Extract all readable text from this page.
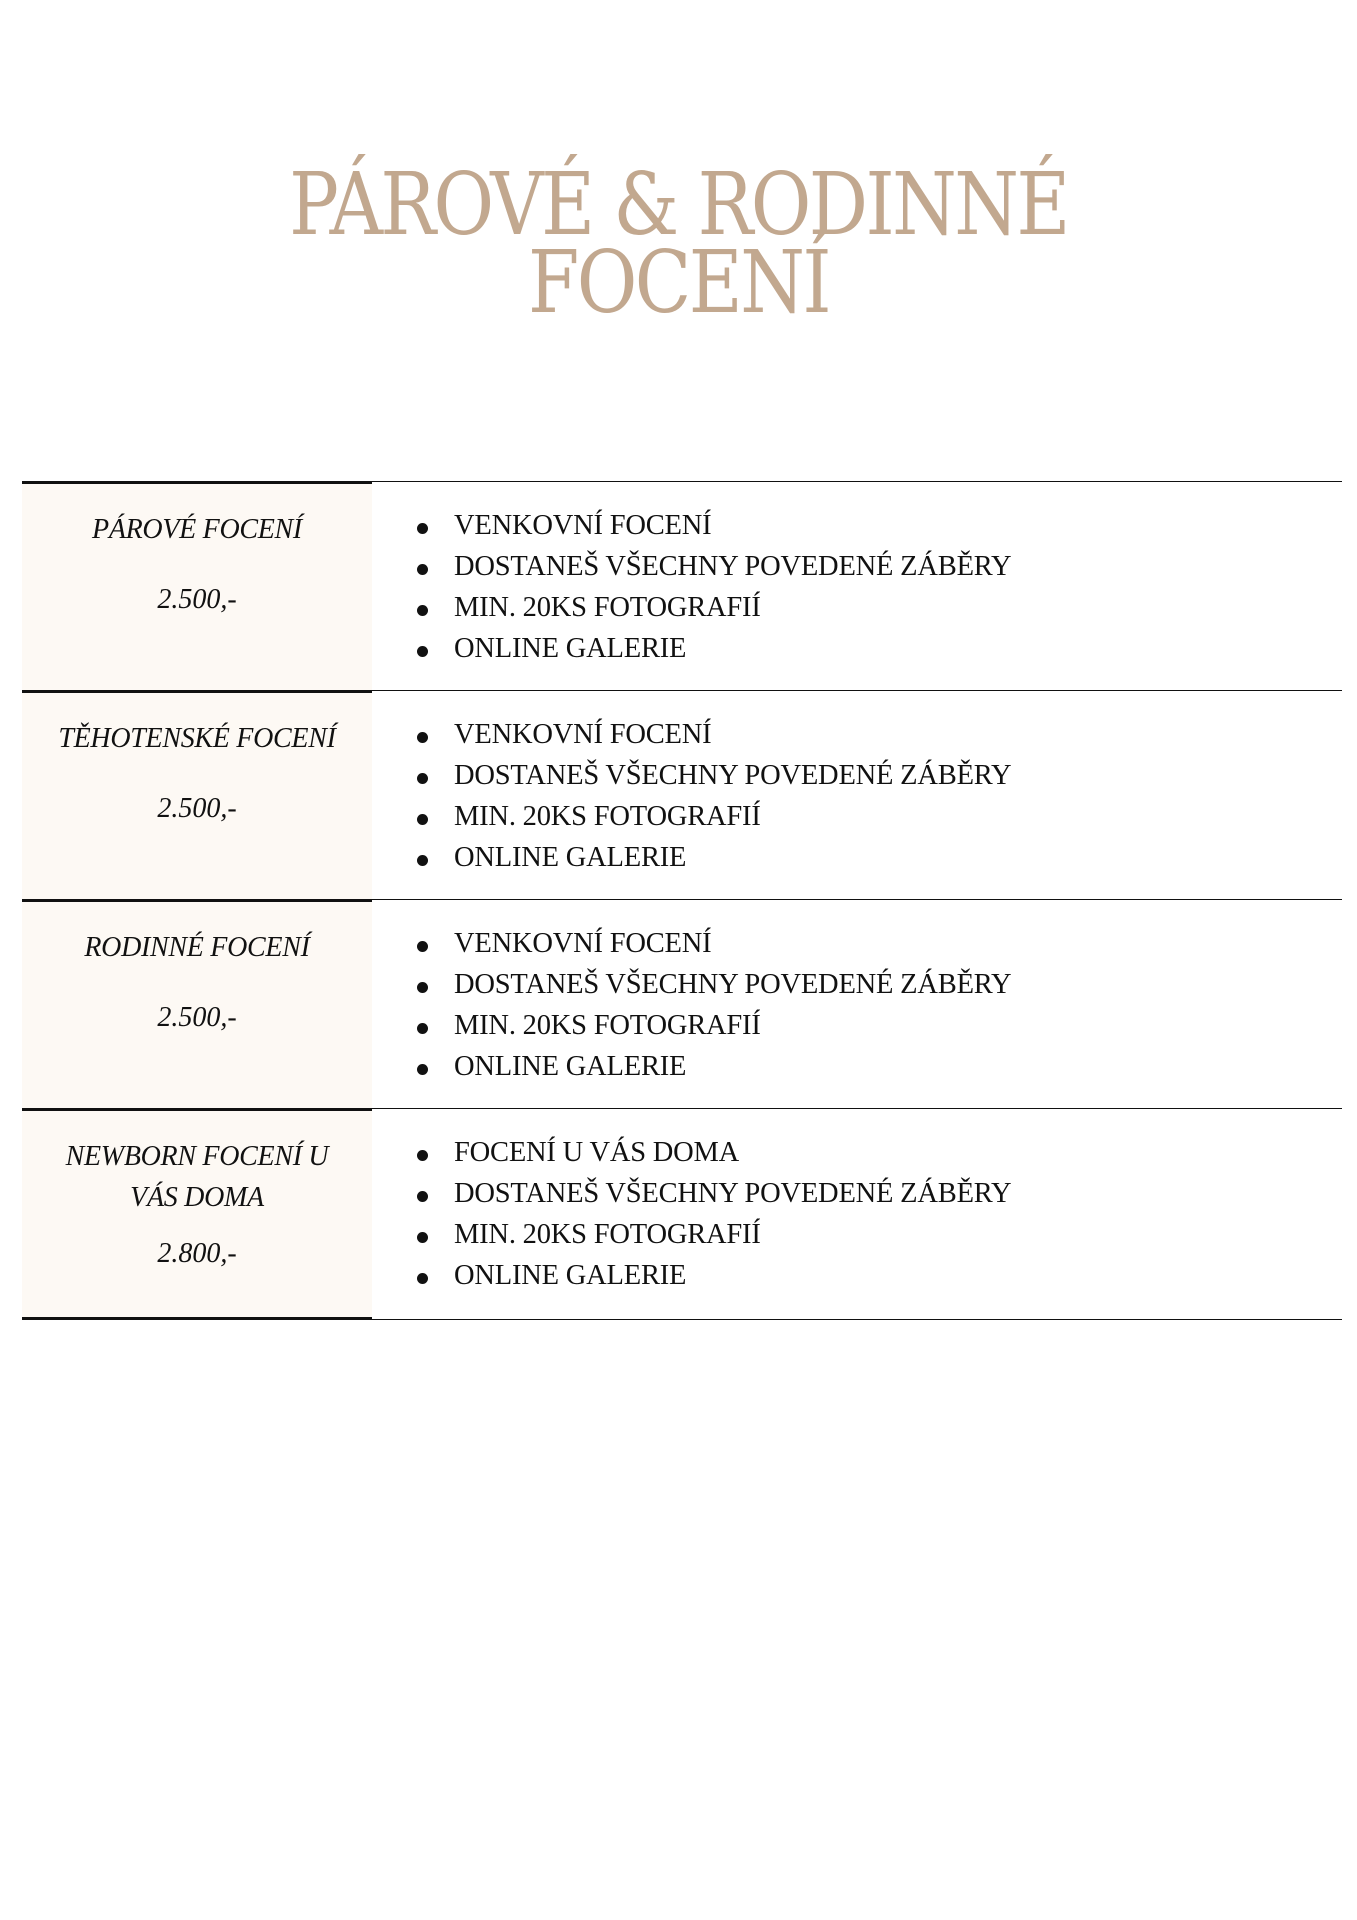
PÁROVÉ & RODINNÉ
FOCENÍ
PÁROVÉ FOCENÍ
2.500,-
VENKOVNÍ FOCENÍ
DOSTANEŠ VŠECHNY POVEDENÉ ZÁBĚRY
MIN. 20KS FOTOGRAFIÍ
ONLINE GALERIE
TĚHOTENSKÉ FOCENÍ
2.500,-
VENKOVNÍ FOCENÍ
DOSTANEŠ VŠECHNY POVEDENÉ ZÁBĚRY
MIN. 20KS FOTOGRAFIÍ
ONLINE GALERIE
RODINNÉ FOCENÍ
2.500,-
VENKOVNÍ FOCENÍ
DOSTANEŠ VŠECHNY POVEDENÉ ZÁBĚRY
MIN. 20KS FOTOGRAFIÍ
ONLINE GALERIE
NEWBORN FOCENÍ U VÁS DOMA
2.800,-
FOCENÍ U VÁS DOMA
DOSTANEŠ VŠECHNY POVEDENÉ ZÁBĚRY
MIN. 20KS FOTOGRAFIÍ
ONLINE GALERIE
